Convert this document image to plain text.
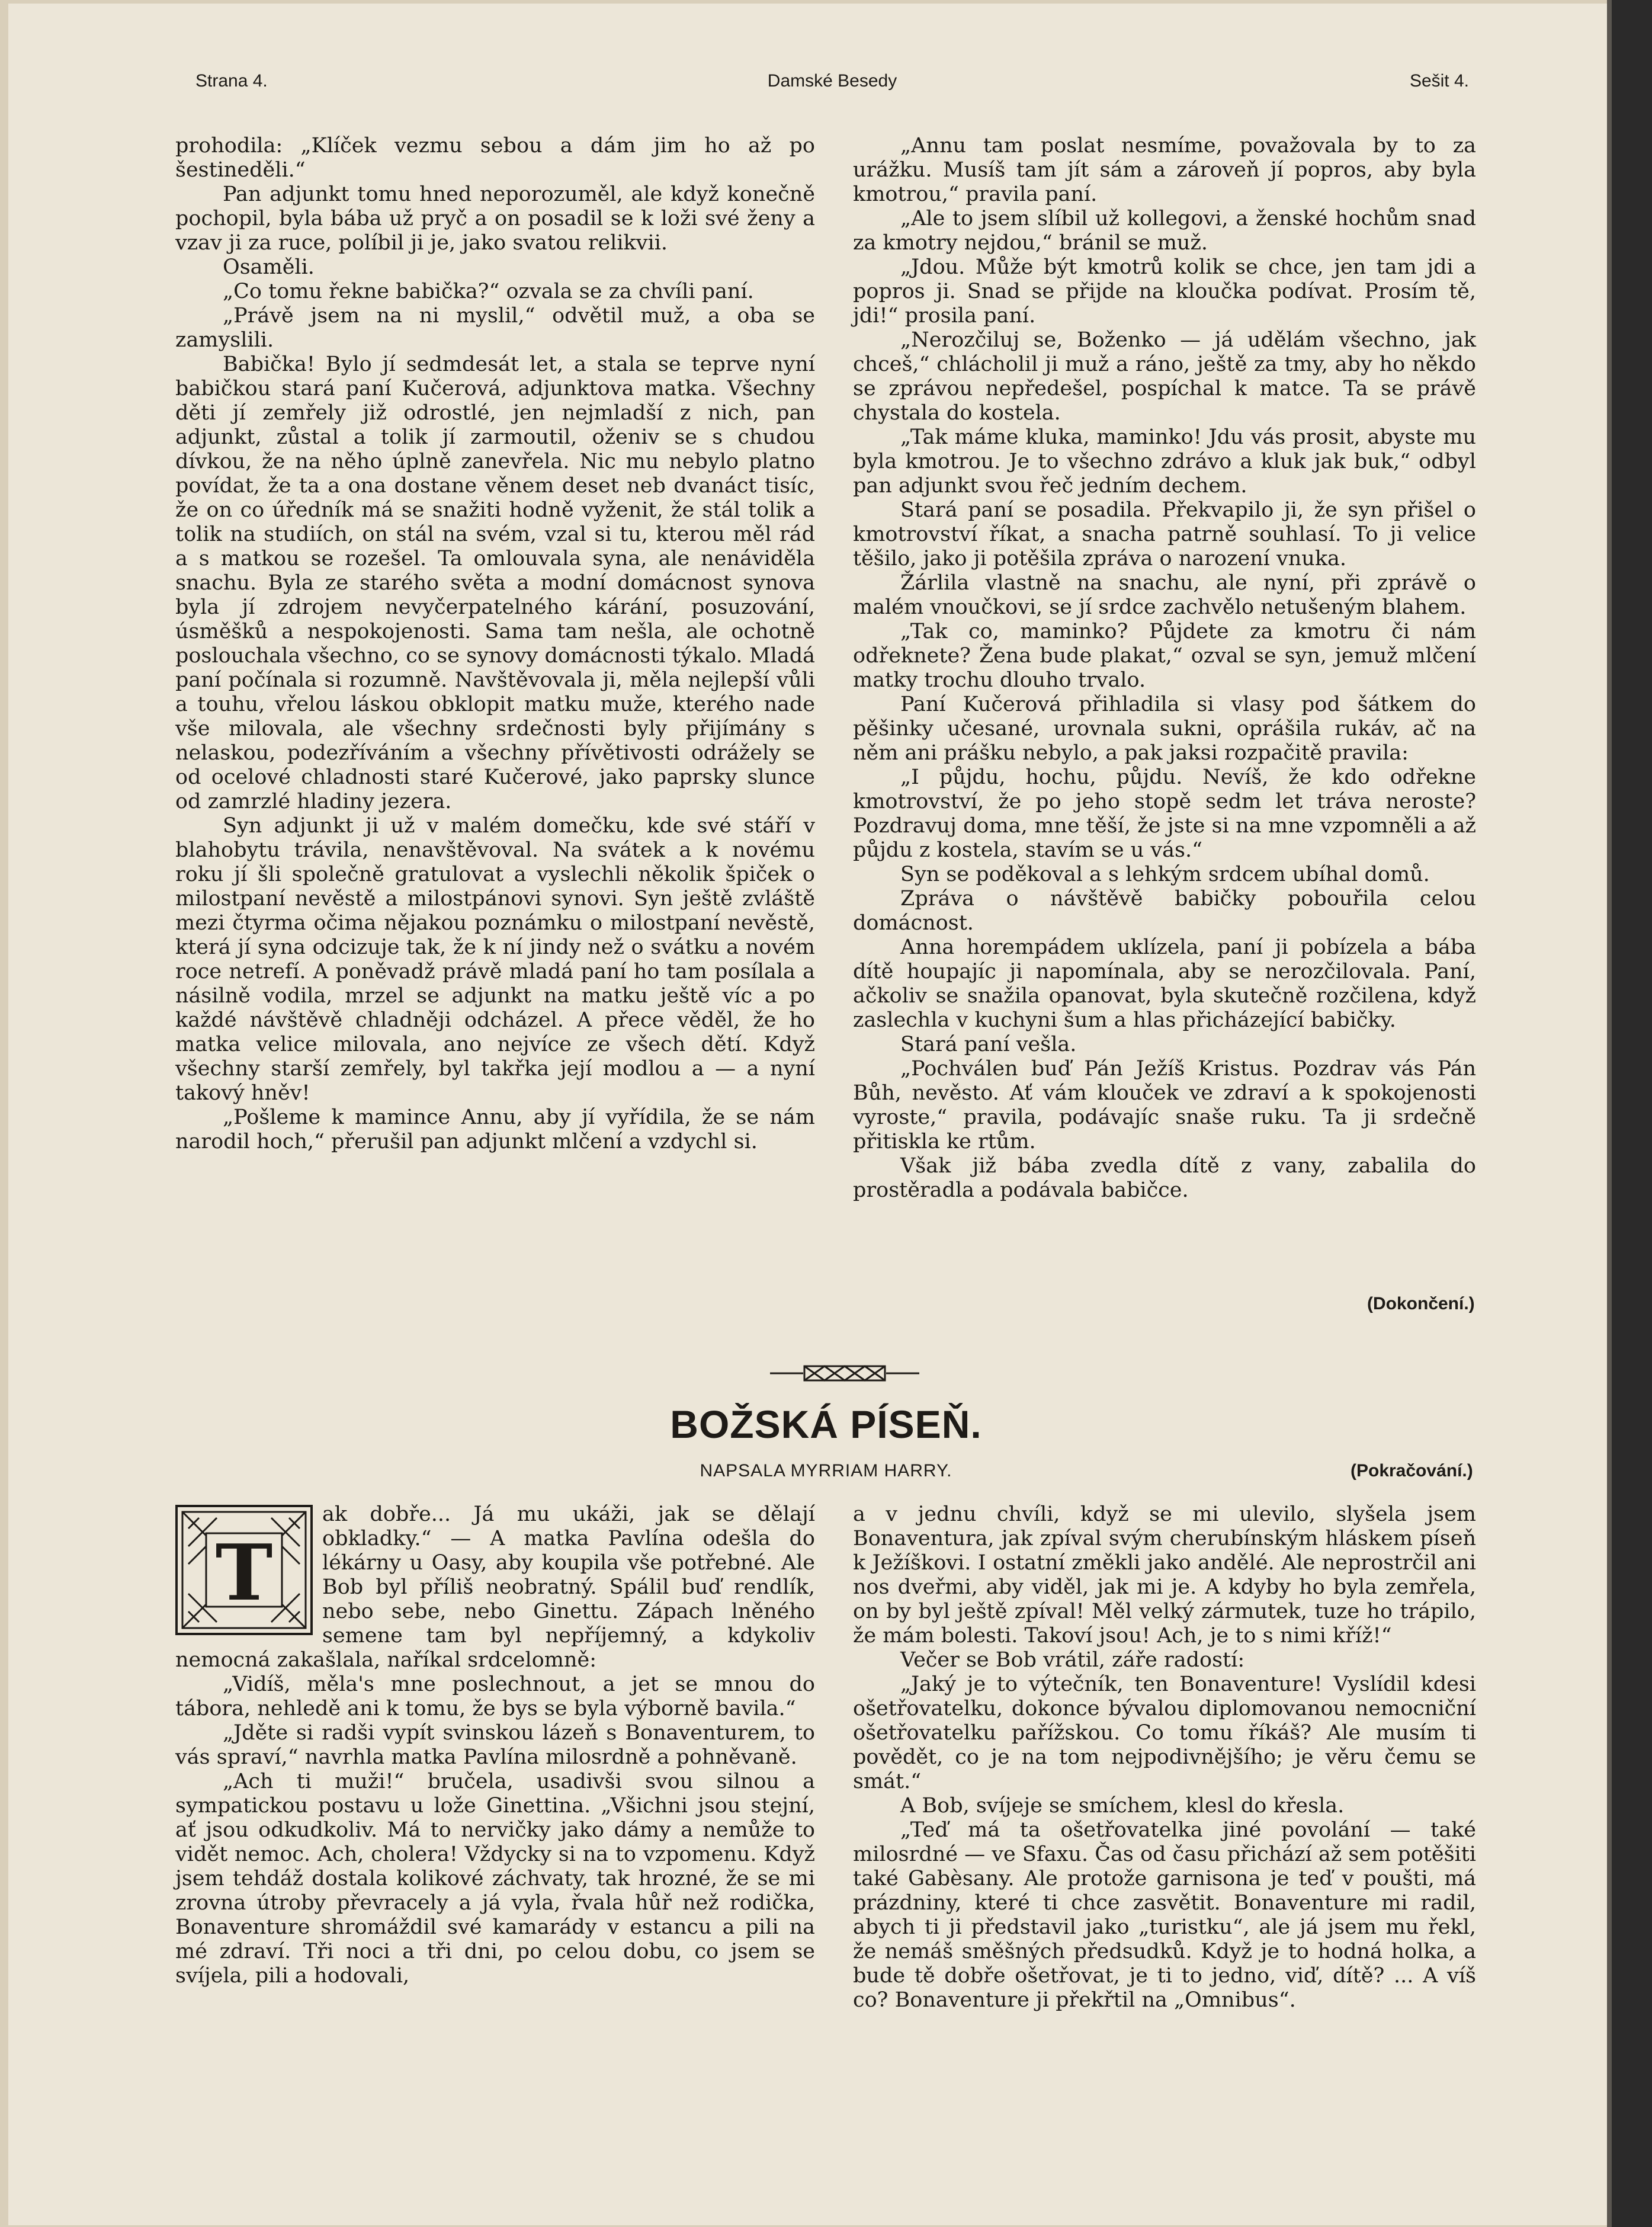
Strana 4.	Damské Besedy	Sešit 4.

prohodila: „Klíček vezmu sebou a dám jim ho až po šestineděli.“

Pan adjunkt tomu hned neporozuměl, ale když konečně pochopil, byla bába už pryč a on posadil se k loži své ženy a vzav ji za ruce, políbil ji je, jako svatou relikvii.

Osaměli.

„Co tomu řekne babička?“ ozvala se za chvíli paní.

„Právě jsem na ni myslil,“ odvětil muž, a oba se zamyslili.

Babička! Bylo jí sedmdesát let, a stala se teprve nyní babičkou stará paní Kučerová, adjunktova matka. Všechny děti jí zemřely již odrostlé, jen nejmladší z nich, pan adjunkt, zůstal a tolik jí zarmoutil, oženiv se s chudou dívkou, že na něho úplně zanevřela. Nic mu nebylo platno povídat, že ta a ona dostane věnem deset neb dvanáct tisíc, že on co úředník má se snažiti hodně vyženit, že stál tolik a tolik na studiích, on stál na svém, vzal si tu, kterou měl rád a s matkou se rozešel. Ta omlouvala syna, ale nenáviděla snachu. Byla ze starého světa a modní domácnost synova byla jí zdrojem nevyčerpatelného kárání, posuzování, úsměšků a nespokojenosti. Sama tam nešla, ale ochotně poslouchala všechno, co se synovy domácnosti týkalo. Mladá paní počínala si rozumně. Navštěvovala ji, měla nejlepší vůli a touhu, vřelou láskou obklopit matku muže, kterého nade vše milovala, ale všechny srdečnosti byly přijímány s nelaskou, podezříváním a všechny přívětivosti odrážely se od ocelové chladnosti staré Kučerové, jako paprsky slunce od zamrzlé hladiny jezera.

Syn adjunkt ji už v malém domečku, kde své stáří v blahobytu trávila, nenavštěvoval. Na svátek a k novému roku jí šli společně gratulovat a vyslechli několik špiček o milostpaní nevěstě a milostpánovi synovi. Syn ještě zvláště mezi čtyrma očima nějakou poznámku o milostpaní nevěstě, která jí syna odcizuje tak, že k ní jindy než o svátku a novém roce netrefí. A poněvadž právě mladá paní ho tam posílala a násilně vodila, mrzel se adjunkt na matku ještě víc a po každé návštěvě chladněji odcházel. A přece věděl, že ho matka velice milovala, ano nejvíce ze všech dětí. Když všechny starší zemřely, byl takřka její modlou a — a nyní takový hněv!

„Pošleme k mamince Annu, aby jí vyřídila, že se nám narodil hoch,“ přerušil pan adjunkt mlčení a vzdychl si.

„Annu tam poslat nesmíme, považovala by to za urážku. Musíš tam jít sám a zároveň jí popros, aby byla kmotrou,“ pravila paní.

„Ale to jsem slíbil už kollegovi, a ženské hochům snad za kmotry nejdou,“ bránil se muž.

„Jdou. Může být kmotrů kolik se chce, jen tam jdi a popros ji. Snad se přijde na kloučka podívat. Prosím tě, jdi!“ prosila paní.

„Nerozčiluj se, Boženko — já udělám všechno, jak chceš,“ chlácholil ji muž a ráno, ještě za tmy, aby ho někdo se zprávou nepředešel, pospíchal k matce. Ta se právě chystala do kostela.

„Tak máme kluka, maminko! Jdu vás prosit, abyste mu byla kmotrou. Je to všechno zdrávo a kluk jak buk,“ odbyl pan adjunkt svou řeč jedním dechem.

Stará paní se posadila. Překvapilo ji, že syn přišel o kmotrovství říkat, a snacha patrně souhlasí. To ji velice těšilo, jako ji potěšila zpráva o narození vnuka.

Žárlila vlastně na snachu, ale nyní, při zprávě o malém vnoučkovi, se jí srdce zachvělo netušeným blahem.

„Tak co, maminko? Půjdete za kmotru či nám odřeknete? Žena bude plakat,“ ozval se syn, jemuž mlčení matky trochu dlouho trvalo.

Paní Kučerová přihladila si vlasy pod šátkem do pěšinky učesané, urovnala sukni, oprášila rukáv, ač na něm ani prášku nebylo, a pak jaksi rozpačitě pravila:

„I půjdu, hochu, půjdu. Nevíš, že kdo odřekne kmotrovství, že po jeho stopě sedm let tráva neroste? Pozdravuj doma, mne těší, že jste si na mne vzpomněli a až půjdu z kostela, stavím se u vás.“

Syn se poděkoval a s lehkým srdcem ubíhal domů.

Zpráva o návštěvě babičky pobouřila celou domácnost.

Anna horempádem uklízela, paní ji pobízela a bába dítě houpajíc ji napomínala, aby se nerozčilovala. Paní, ačkoliv se snažila opanovat, byla skutečně rozčilena, když zaslechla v kuchyni šum a hlas přicházející babičky.

Stará paní vešla.

„Pochválen buď Pán Ježíš Kristus. Pozdrav vás Pán Bůh, nevěsto. Ať vám klouček ve zdraví a k spokojenosti vyroste,“ pravila, podávajíc snaše ruku. Ta ji srdečně přitiskla ke rtům.

Však již bába zvedla dítě z vany, zabalila do prostěradla a podávala babičce.

(Dokončení.)
BOŽSKÁ PÍSEŇ.
NAPSALA MYRRIAM HARRY.	(Pokračování.)
T

ak dobře... Já mu ukáži, jak se dělají obkladky.“ — A matka Pavlína odešla do lékárny u Oasy, aby koupila vše potřebné. Ale Bob byl příliš neobratný. Spálil buď rendlík, nebo sebe, nebo Ginettu. Zápach lněného semene tam byl nepříjemný, a kdykoliv nemocná zakašlala, naříkal srdcelomně:

„Vidíš, měla's mne poslechnout, a jet se mnou do tábora, nehledě ani k tomu, že bys se byla výborně bavila.“

„Jděte si radši vypít svinskou lázeň s Bonaventurem, to vás spraví,“ navrhla matka Pavlína milosrdně a pohněvaně.

„Ach ti muži!“ bručela, usadivši svou silnou a sympatickou postavu u lože Ginettina. „Všichni jsou stejní, ať jsou odkudkoliv. Má to nervičky jako dámy a nemůže to vidět nemoc. Ach, cholera! Vždycky si na to vzpomenu. Když jsem tehdáž dostala kolikové záchvaty, tak hrozné, že se mi zrovna útroby převracely a já vyla, řvala hůř než rodička, Bonaventure shromáždil své kamarády v estancu a pili na mé zdraví. Tři noci a tři dni, po celou dobu, co jsem se svíjela, pili a hodovali,

a v jednu chvíli, když se mi ulevilo, slyšela jsem Bonaventura, jak zpíval svým cherubínským hláskem píseň k Ježíškovi. I ostatní změkli jako andělé. Ale neprostrčil ani nos dveřmi, aby viděl, jak mi je. A kdyby ho byla zemřela, on by byl ještě zpíval! Měl velký zármutek, tuze ho trápilo, že mám bolesti. Takoví jsou! Ach, je to s nimi kříž!“

Večer se Bob vrátil, záře radostí:

„Jaký je to výtečník, ten Bonaventure! Vyslídil kdesi ošetřovatelku, dokonce bývalou diplomovanou nemocniční ošetřovatelku pařížskou. Co tomu říkáš? Ale musím ti povědět, co je na tom nejpodivnějšího; je věru čemu se smát.“

A Bob, svíjeje se smíchem, klesl do křesla.

„Teď má ta ošetřovatelka jiné povolání — také milosrdné — ve Sfaxu. Čas od času přichází až sem potěšiti také Gabèsany. Ale protože garnisona je teď v poušti, má prázdniny, které ti chce zasvětit. Bonaventure mi radil, abych ti ji představil jako „turistku“, ale já jsem mu řekl, že nemáš směšných předsudků. Když je to hodná holka, a bude tě dobře ošetřovat, je ti to jedno, viď, dítě? ... A víš co? Bonaventure ji překřtil na „Omnibus“.
